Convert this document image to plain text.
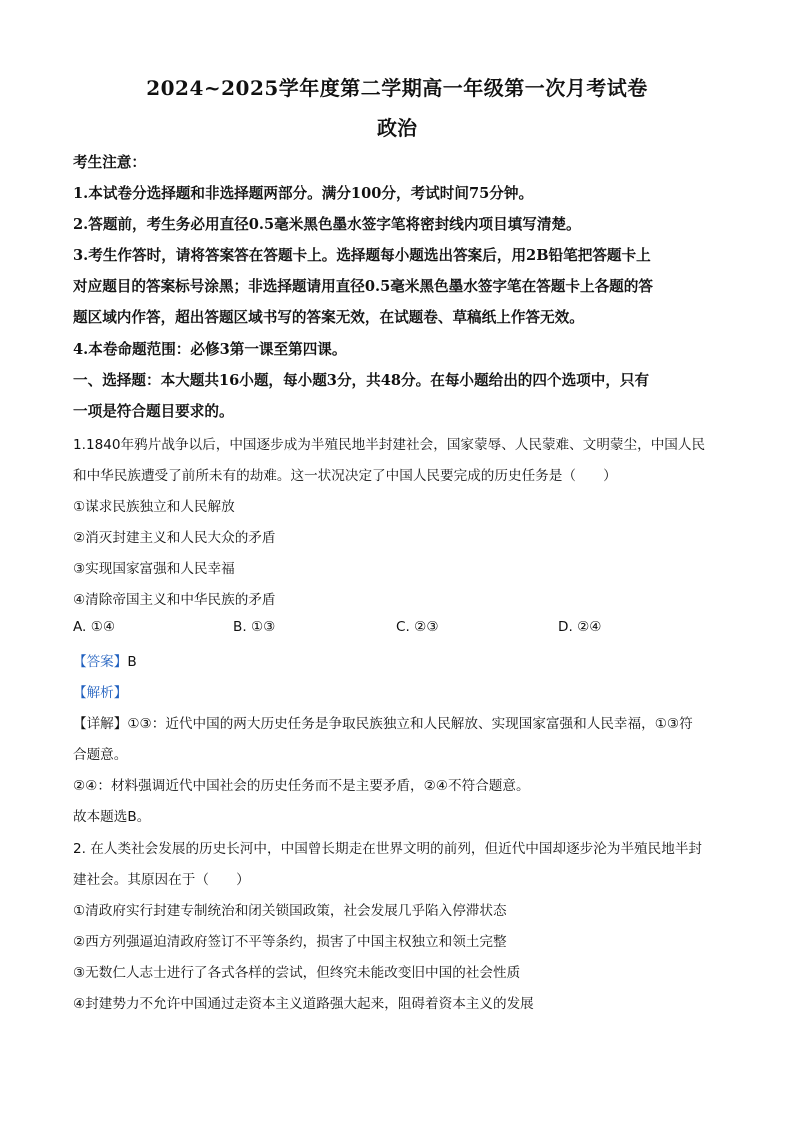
2024~2025学年度第二学期高一年级第一次月考试卷
政治
考生注意：
1.本试卷分选择题和非选择题两部分。满分100分，考试时间75分钟。
2.答题前，考生务必用直径0.5毫米黑色墨水签字笔将密封线内项目填写清楚。
3.考生作答时，请将答案答在答题卡上。选择题每小题选出答案后，用2B铅笔把答题卡上
对应题目的答案标号涂黑；非选择题请用直径0.5毫米黑色墨水签字笔在答题卡上各题的答
题区域内作答，超出答题区域书写的答案无效，在试题卷、草稿纸上作答无效。
4.本卷命题范围：必修3第一课至第四课。
一、选择题：本大题共16小题，每小题3分，共48分。在每小题给出的四个选项中，只有
一项是符合题目要求的。
1.1840年鸦片战争以后，中国逐步成为半殖民地半封建社会，国家蒙辱、人民蒙难、文明蒙尘，中国人民
和中华民族遭受了前所未有的劫难。这一状况决定了中国人民要完成的历史任务是（　　）
①谋求民族独立和人民解放
②消灭封建主义和人民大众的矛盾
③实现国家富强和人民幸福
④清除帝国主义和中华民族的矛盾
A. ①④	B. ①③	C. ②③	D. ②④
【答案】B
【解析】
【详解】①③：近代中国的两大历史任务是争取民族独立和人民解放、实现国家富强和人民幸福，①③符
合题意。
②④：材料强调近代中国社会的历史任务而不是主要矛盾，②④不符合题意。
故本题选B。
2. 在人类社会发展的历史长河中，中国曾长期走在世界文明的前列，但近代中国却逐步沦为半殖民地半封
建社会。其原因在于（　　）
①清政府实行封建专制统治和闭关锁国政策，社会发展几乎陷入停滞状态
②西方列强逼迫清政府签订不平等条约，损害了中国主权独立和领土完整
③无数仁人志士进行了各式各样的尝试，但终究未能改变旧中国的社会性质
④封建势力不允许中国通过走资本主义道路强大起来，阻碍着资本主义的发展
